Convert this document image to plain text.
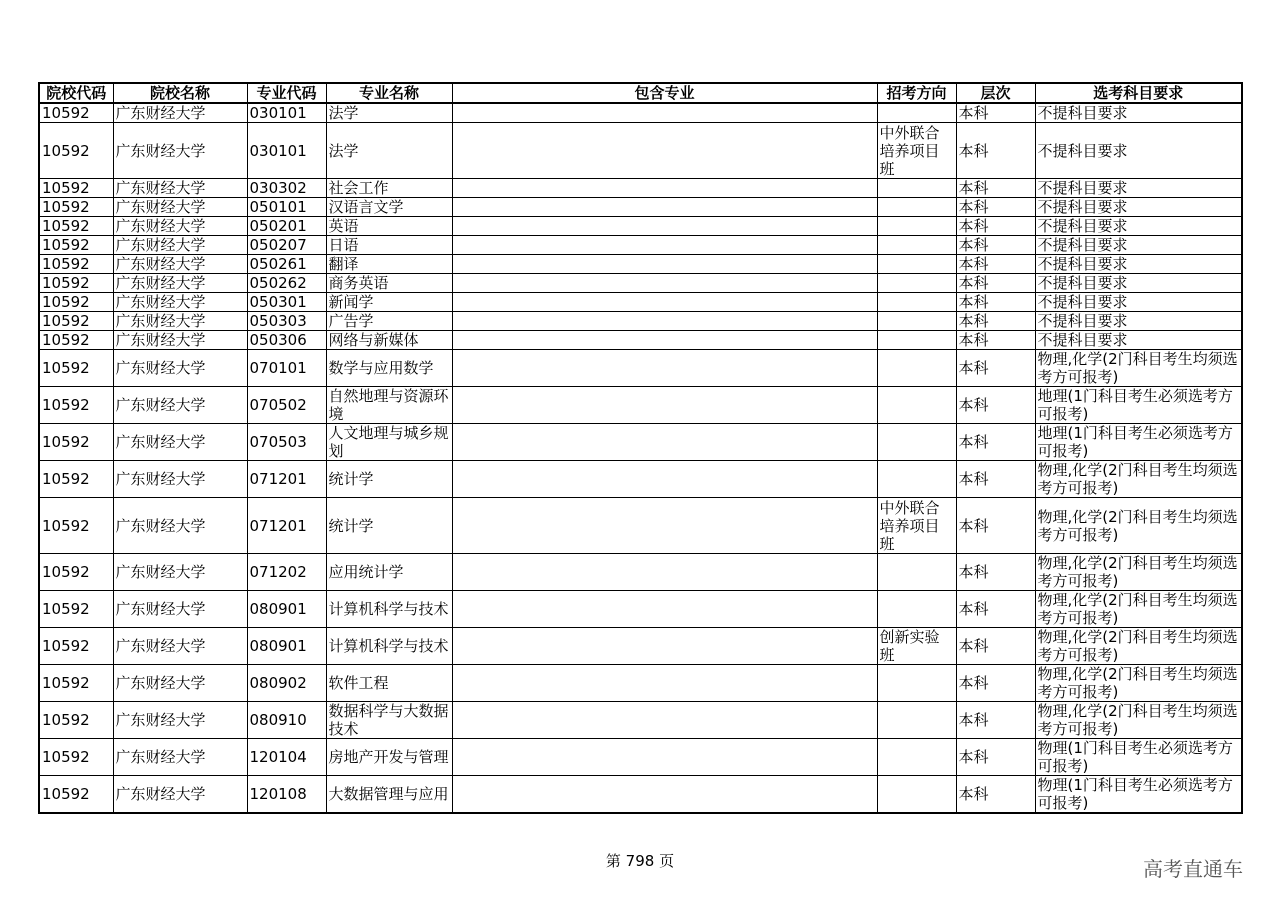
院校代码	院校名称	专业代码	专业名称	包含专业	招考方向	层次	选考科目要求
10592	广东财经大学	030101	法学			本科	不提科目要求
10592	广东财经大学	030101	法学		中外联合培养项目班	本科	不提科目要求
10592	广东财经大学	030302	社会工作			本科	不提科目要求
10592	广东财经大学	050101	汉语言文学			本科	不提科目要求
10592	广东财经大学	050201	英语			本科	不提科目要求
10592	广东财经大学	050207	日语			本科	不提科目要求
10592	广东财经大学	050261	翻译			本科	不提科目要求
10592	广东财经大学	050262	商务英语			本科	不提科目要求
10592	广东财经大学	050301	新闻学			本科	不提科目要求
10592	广东财经大学	050303	广告学			本科	不提科目要求
10592	广东财经大学	050306	网络与新媒体			本科	不提科目要求
10592	广东财经大学	070101	数学与应用数学			本科	物理,化学(2门科目考生均须选考方可报考)
10592	广东财经大学	070502	自然地理与资源环境			本科	地理(1门科目考生必须选考方可报考)
10592	广东财经大学	070503	人文地理与城乡规划			本科	地理(1门科目考生必须选考方可报考)
10592	广东财经大学	071201	统计学			本科	物理,化学(2门科目考生均须选考方可报考)
10592	广东财经大学	071201	统计学		中外联合培养项目班	本科	物理,化学(2门科目考生均须选考方可报考)
10592	广东财经大学	071202	应用统计学			本科	物理,化学(2门科目考生均须选考方可报考)
10592	广东财经大学	080901	计算机科学与技术			本科	物理,化学(2门科目考生均须选考方可报考)
10592	广东财经大学	080901	计算机科学与技术		创新实验班	本科	物理,化学(2门科目考生均须选考方可报考)
10592	广东财经大学	080902	软件工程			本科	物理,化学(2门科目考生均须选考方可报考)
10592	广东财经大学	080910	数据科学与大数据技术			本科	物理,化学(2门科目考生均须选考方可报考)
10592	广东财经大学	120104	房地产开发与管理			本科	物理(1门科目考生必须选考方可报考)
10592	广东财经大学	120108	大数据管理与应用			本科	物理(1门科目考生必须选考方可报考)
第 798 页	高考直通车
